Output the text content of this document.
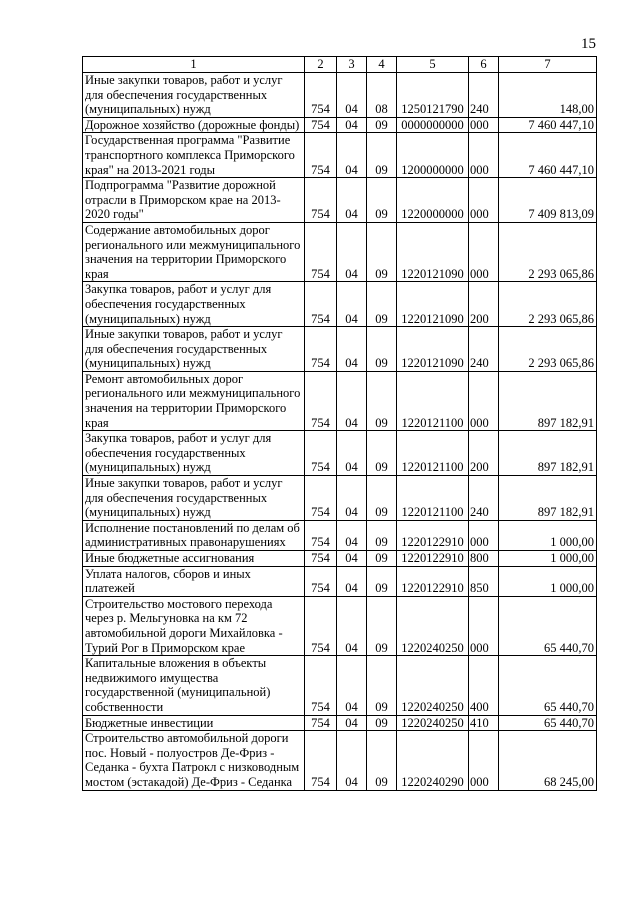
15
1	2	3	4	5	6	7
Иные закупки товаров, работ и услуг для обеспечения государственных (муниципальных) нужд	754	04	08	1250121790	240	148,00
Дорожное хозяйство (дорожные фонды)	754	04	09	0000000000	000	7 460 447,10
Государственная программа "Развитие транспортного комплекса Приморского края" на 2013-2021 годы	754	04	09	1200000000	000	7 460 447,10
Подпрограмма "Развитие дорожной отрасли в Приморском крае на 2013-2020 годы"	754	04	09	1220000000	000	7 409 813,09
Содержание автомобильных дорог регионального или межмуниципального значения на территории Приморского края	754	04	09	1220121090	000	2 293 065,86
Закупка товаров, работ и услуг для обеспечения государственных (муниципальных) нужд	754	04	09	1220121090	200	2 293 065,86
Иные закупки товаров, работ и услуг для обеспечения государственных (муниципальных) нужд	754	04	09	1220121090	240	2 293 065,86
Ремонт автомобильных дорог регионального или межмуниципального значения на территории Приморского края	754	04	09	1220121100	000	897 182,91
Закупка товаров, работ и услуг для обеспечения государственных (муниципальных) нужд	754	04	09	1220121100	200	897 182,91
Иные закупки товаров, работ и услуг для обеспечения государственных (муниципальных) нужд	754	04	09	1220121100	240	897 182,91
Исполнение постановлений по делам об административных правонарушениях	754	04	09	1220122910	000	1 000,00
Иные бюджетные ассигнования	754	04	09	1220122910	800	1 000,00
Уплата налогов, сборов и иных платежей	754	04	09	1220122910	850	1 000,00
Строительство мостового перехода через р. Мельгуновка на км 72 автомобильной дороги Михайловка - Турий Рог в Приморском крае	754	04	09	1220240250	000	65 440,70
Капитальные вложения в объекты недвижимого имущества государственной (муниципальной) собственности	754	04	09	1220240250	400	65 440,70
Бюджетные инвестиции	754	04	09	1220240250	410	65 440,70
Строительство автомобильной дороги пос. Новый - полуостров Де-Фриз - Седанка - бухта Патрокл с низководным мостом (эстакадой) Де-Фриз - Седанка	754	04	09	1220240290	000	68 245,00
